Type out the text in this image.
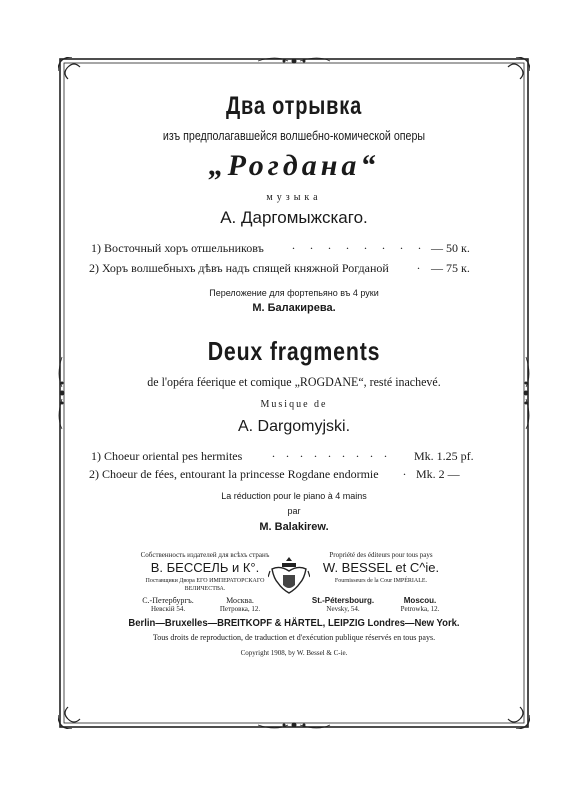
Два отрывка
изъ предполагавшейся волшебно-комической оперы
„Рогдана“
музыка
А. Даргомыжскаго.
1) Восточный хоръ отшельниковъ . . . . . . . . — 50 к.
2) Хоръ волшебныхъ дѣвъ надъ спящей княжной Рогданой . — 75 к.
Переложение для фортепьяно въ 4 руки
М. Балакирева.
Deux fragments
de l'opéra féerique et comique „ROGDANE“, resté inachevé.
Musique de
A. Dargomyjski.
1) Choeur oriental pes hermites . . . . . . . . . Mk. 1.25 pf.
2) Choeur de fées, entourant la princesse Rogdane endormie . Mk. 2 —
La réduction pour le piano à 4 mains
par
M. Balakirew.
Собственность издателей для всѣхъ странъ
В. БЕССЕЛЬ и К°.
Поставщики Двора ЕГО ИМПЕРАТОРСКАГО ВЕЛИЧЕСТВА.
С.-Петербургъ.
Невскій 54.
Москва.
Петровка, 12.
Propriété des éditeurs pour tous pays
W. BESSEL et C^ie.
Fournisseurs de la Cour IMPÉRIALE.
St.-Pétersbourg.
Nevsky, 54.
Moscou.
Petrowka, 12.
Berlin—Bruxelles—BREITKOPF & HÄRTEL, LEIPZIG Londres—New York.
Tous droits de reproduction, de traduction et d'exécution publique réservés en tous pays.
Copyright 1908, by W. Bessel & C-ie.
